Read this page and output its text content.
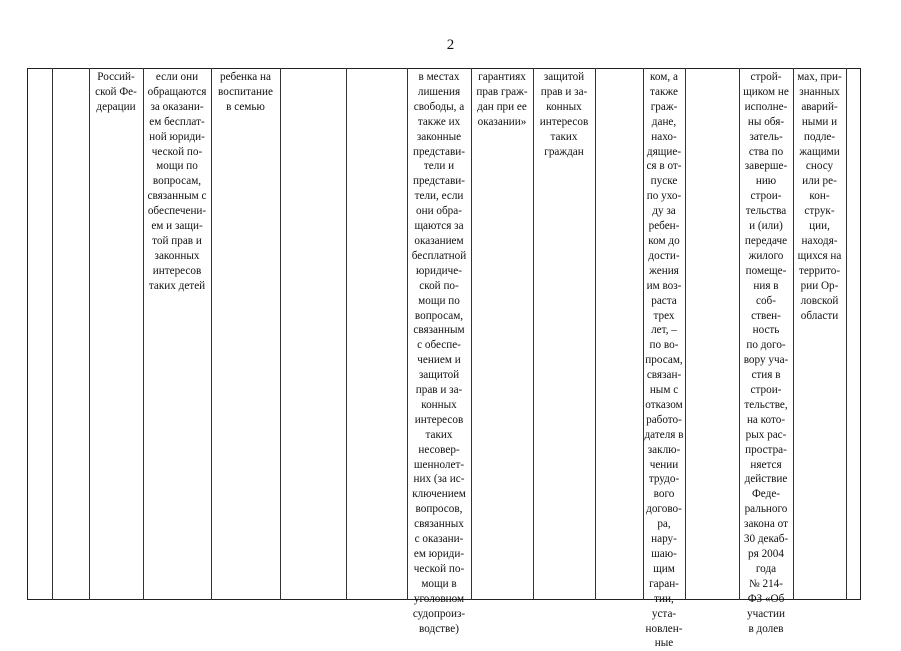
2
Россий-
ской Фе-
дерации
если они
обращаются
за оказани-
ем бесплат-
ной юриди-
ческой по-
мощи по
вопросам,
связанным с
обеспечени-
ем и защи-
той прав и
законных
интересов
таких детей
ребенка на
воспитание
в семью
в местах
лишения
свободы, а
также их
законные
представи-
тели и
представи-
тели, если
они обра-
щаются за
оказанием
бесплатной
юридиче-
ской по-
мощи по
вопросам,
связанным
с обеспе-
чением и
защитой
прав и за-
конных
интересов
таких
несовер-
шеннолет-
них (за ис-
ключением
вопросов,
связанных
с оказани-
ем юриди-
ческой по-
мощи в
уголовном
судопроиз-
водстве)
гарантиях
прав граж-
дан при ее
оказании»
защитой
прав и за-
конных
интересов
таких
граждан
ком, а
также
граж-
дане,
нахо-
дящие-
ся в от-
пуске
по ухо-
ду за
ребен-
ком до
дости-
жения
им воз-
раста
трех
лет, –
по во-
просам,
связан-
ным с
отказом
работо-
дателя в
заклю-
чении
трудо-
вого
догово-
ра,
нару-
шаю-
щим
гаран-
тии,
уста-
новлен-
ные
строй-
щиком не
исполне-
ны обя-
затель-
ства по
заверше-
нию
строи-
тельства
и (или)
передаче
жилого
помеще-
ния в
соб-
ствен-
ность
по дого-
вору уча-
стия в
строи-
тельстве,
на кото-
рых рас-
простра-
няется
действие
Феде-
рального
закона от
30 декаб-
ря 2004
года
№ 214-
ФЗ «Об
участии
в долев
мах, при-
знанных
аварий-
ными и
подле-
жащими
сносу
или ре-
кон-
струк-
ции,
находя-
щихся на
террито-
рии Ор-
ловской
области
